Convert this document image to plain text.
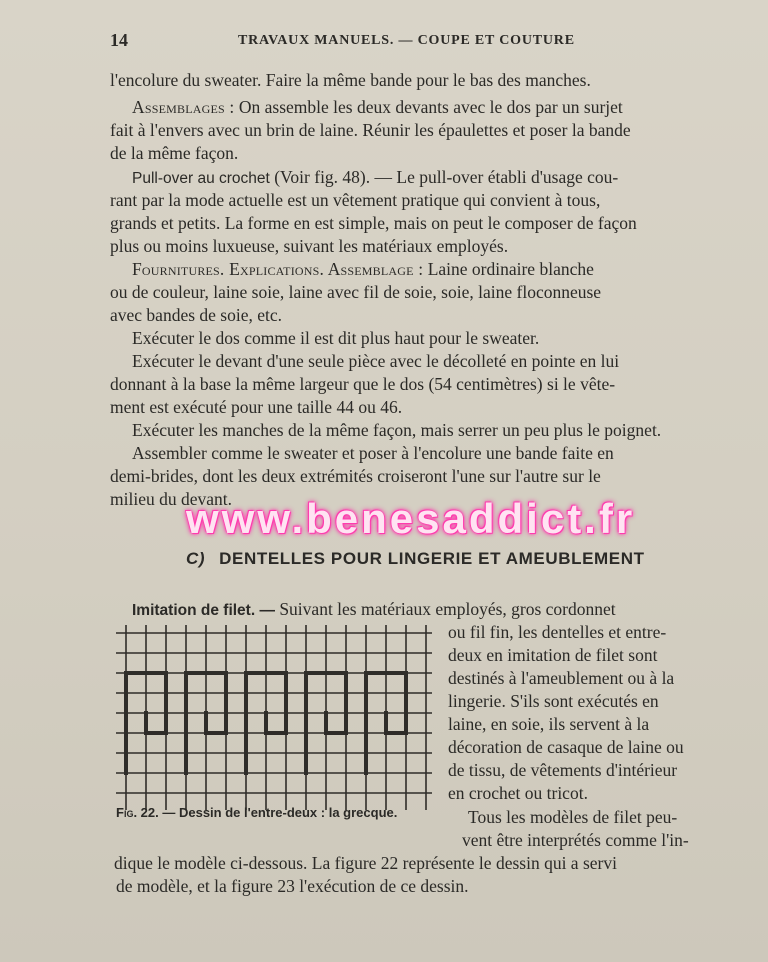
14	TRAVAUX MANUELS. — COUPE ET COUTURE
l'encolure du sweater. Faire la même bande pour le bas des manches.
Assemblages : On assemble les deux devants avec le dos par un surjet
fait à l'envers avec un brin de laine. Réunir les épaulettes et poser la bande
de la même façon.
Pull-over au crochet (Voir fig. 48). — Le pull-over établi d'usage cou-
rant par la mode actuelle est un vêtement pratique qui convient à tous,
grands et petits. La forme en est simple, mais on peut le composer de façon
plus ou moins luxueuse, suivant les matériaux employés.
Fournitures. Explications. Assemblage : Laine ordinaire blanche
ou de couleur, laine soie, laine avec fil de soie, soie, laine floconneuse
avec bandes de soie, etc.
Exécuter le dos comme il est dit plus haut pour le sweater.
Exécuter le devant d'une seule pièce avec le décolleté en pointe en lui
donnant à la base la même largeur que le dos (54 centimètres) si le vête-
ment est exécuté pour une taille 44 ou 46.
Exécuter les manches de la même façon, mais serrer un peu plus le poignet.
Assembler comme le sweater et poser à l'encolure une bande faite en
demi-brides, dont les deux extrémités croiseront l'une sur l'autre sur le
milieu du devant.
www.benesaddict.fr
C) DENTELLES POUR LINGERIE ET AMEUBLEMENT
Imitation de filet. — Suivant les matériaux employés, gros cordonnet
ou fil fin, les dentelles et entre-
deux en imitation de filet sont
destinés à l'ameublement ou à la
lingerie. S'ils sont exécutés en
laine, en soie, ils servent à la
décoration de casaque de laine ou
de tissu, de vêtements d'intérieur
en crochet ou tricot.
Fig. 22. — Dessin de l'entre-deux : la grecque.	Tous les modèles de filet peu-
vent être interprétés comme l'in-
dique le modèle ci-dessous. La figure 22 représente le dessin qui a servi
de modèle, et la figure 23 l'exécution de ce dessin.
